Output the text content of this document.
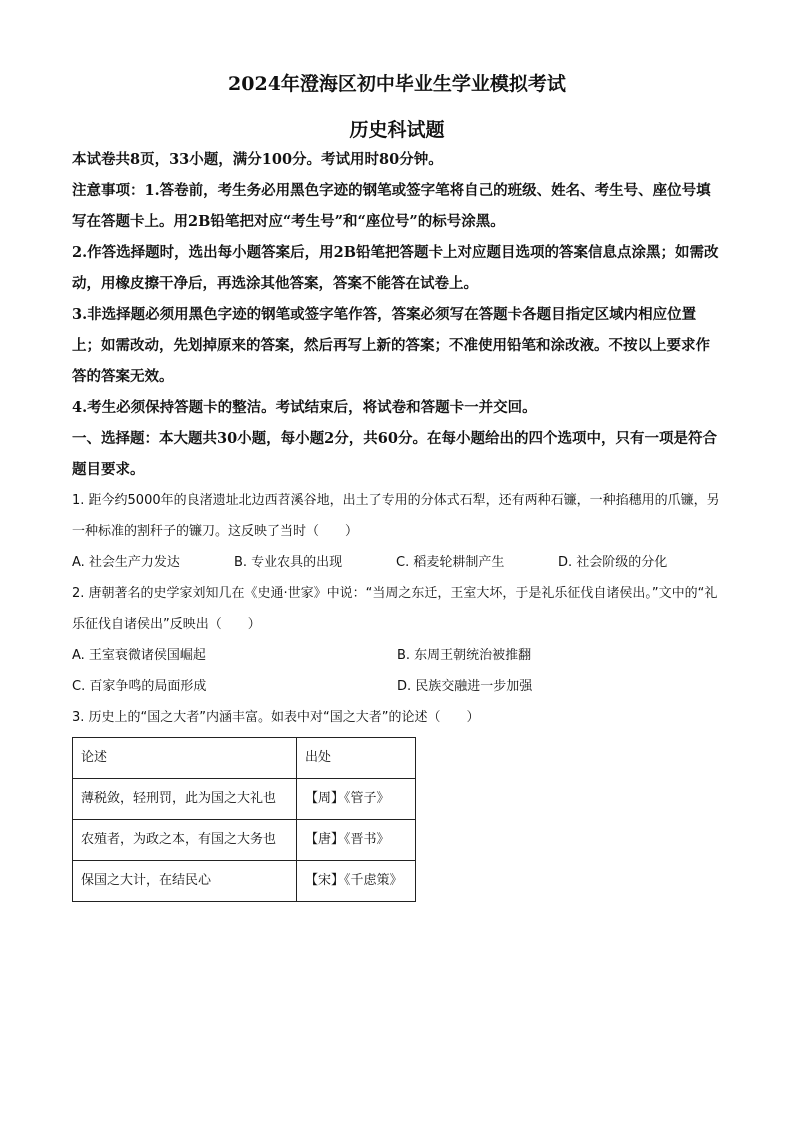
2024年澄海区初中毕业生学业模拟考试
历史科试题

本试卷共8页，33小题，满分100分。考试用时80分钟。

注意事项：1.答卷前，考生务必用黑色字迹的钢笔或签字笔将自己的班级、姓名、考生号、座位号填写在答题卡上。用2B铅笔把对应“考生号”和“座位号”的标号涂黑。

2.作答选择题时，选出每小题答案后，用2B铅笔把答题卡上对应题目选项的答案信息点涂黑；如需改动，用橡皮擦干净后，再选涂其他答案，答案不能答在试卷上。

3.非选择题必须用黑色字迹的钢笔或签字笔作答，答案必须写在答题卡各题目指定区域内相应位置上；如需改动，先划掉原来的答案，然后再写上新的答案；不准使用铅笔和涂改液。不按以上要求作答的答案无效。

4.考生必须保持答题卡的整洁。考试结束后，将试卷和答题卡一并交回。

一、选择题：本大题共30小题，每小题2分，共60分。在每小题给出的四个选项中，只有一项是符合题目要求。

1. 距今约5000年的良渚遗址北边西苕溪谷地，出土了专用的分体式石犁，还有两种石镰，一种掐穗用的爪镰，另一种标准的割秆子的镰刀。这反映了当时（　　）

A. 社会生产力发达	B. 专业农具的出现	C. 稻麦轮耕制产生	D. 社会阶级的分化

2. 唐朝著名的史学家刘知几在《史通·世家》中说：“当周之东迁，王室大坏，于是礼乐征伐自诸侯出。”文中的“礼乐征伐自诸侯出”反映出（　　）

A. 王室衰微诸侯国崛起	B. 东周王朝统治被推翻
C. 百家争鸣的局面形成	D. 民族交融进一步加强

3. 历史上的“国之大者”内涵丰富。如表中对“国之大者”的论述（　　）

论述	出处
薄税敛，轻刑罚，此为国之大礼也	【周】《管子》
农殖者，为政之本，有国之大务也	【唐】《晋书》
保国之大计，在结民心	【宋】《千虑策》
